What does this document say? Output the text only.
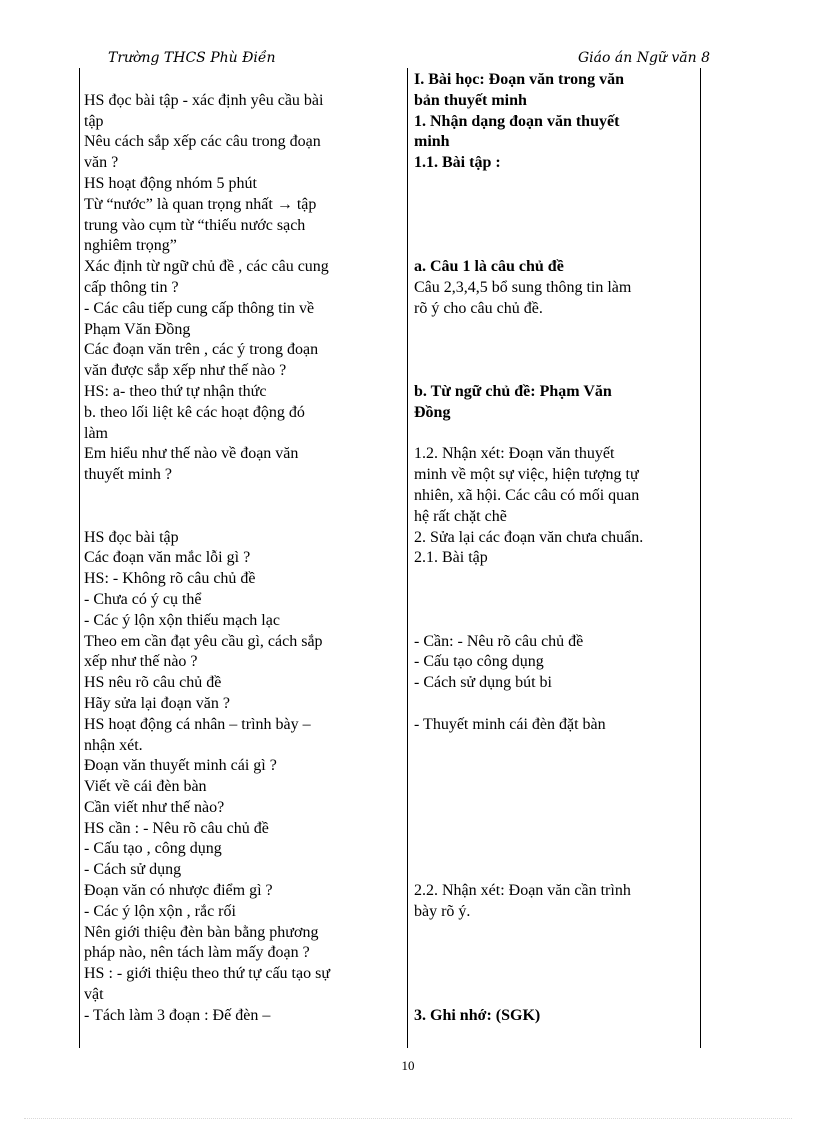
Trường THCS Phù Điền	Giáo án Ngữ văn 8

HS đọc bài tập - xác định yêu cầu bài

tập

Nêu cách sắp xếp các câu trong đoạn

văn ?

HS hoạt động nhóm 5 phút

Từ “nước” là quan trọng nhất → tập

trung vào cụm từ “thiếu nước sạch

nghiêm trọng”

Xác định từ ngữ chủ đề , các câu cung

cấp thông tin ?

- Các câu tiếp cung cấp thông tin về

Phạm Văn Đồng

Các đoạn văn trên , các ý trong đoạn

văn được sắp xếp như thế nào ?

HS: a- theo thứ tự nhận thức

b. theo lối liệt kê các hoạt động đó

làm

Em hiểu như thế nào về đoạn văn

thuyết minh ?

HS đọc bài tập

Các đoạn văn mắc lỗi gì ?

HS: - Không rõ câu chủ đề

- Chưa có ý cụ thể

- Các ý lộn xộn thiếu mạch lạc

Theo em cần đạt yêu cầu gì, cách sắp

xếp như thế nào ?

HS nêu rõ câu chủ đề

Hãy sửa lại đoạn văn ?

HS hoạt động cá nhân – trình bày –

nhận xét.

Đoạn văn thuyết minh cái gì ?

Viết về cái đèn bàn

Cần viết như thế nào?

HS cần : - Nêu rõ câu chủ đề

- Cấu tạo , công dụng

- Cách sử dụng

Đoạn văn có nhược điểm gì ?

- Các ý lộn xộn , rắc rối

Nên giới thiệu đèn bàn bằng phương

pháp nào, nên tách làm mấy đoạn ?

HS : - giới thiệu theo thứ tự cấu tạo sự

vật

- Tách làm 3 đoạn : Đế đèn –

I. Bài học: Đoạn văn trong văn

bản thuyết minh

1. Nhận dạng đoạn văn thuyết

minh

1.1. Bài tập :

a. Câu 1 là câu chủ đề

Câu 2,3,4,5 bổ sung thông tin làm

rõ ý cho câu chủ đề.

b. Từ ngữ chủ đề: Phạm Văn

Đồng

1.2. Nhận xét: Đoạn văn thuyết

minh về một sự việc, hiện tượng tự

nhiên, xã hội. Các câu có mối quan

hệ rất chặt chẽ

2. Sửa lại các đoạn văn chưa chuẩn.

2.1. Bài tập

- Cần: - Nêu rõ câu chủ đề

- Cấu tạo công dụng

- Cách sử dụng bút bi

- Thuyết minh cái đèn đặt bàn

2.2. Nhận xét: Đoạn văn cần trình

bày rõ ý.

3. Ghi nhớ: (SGK)

10
